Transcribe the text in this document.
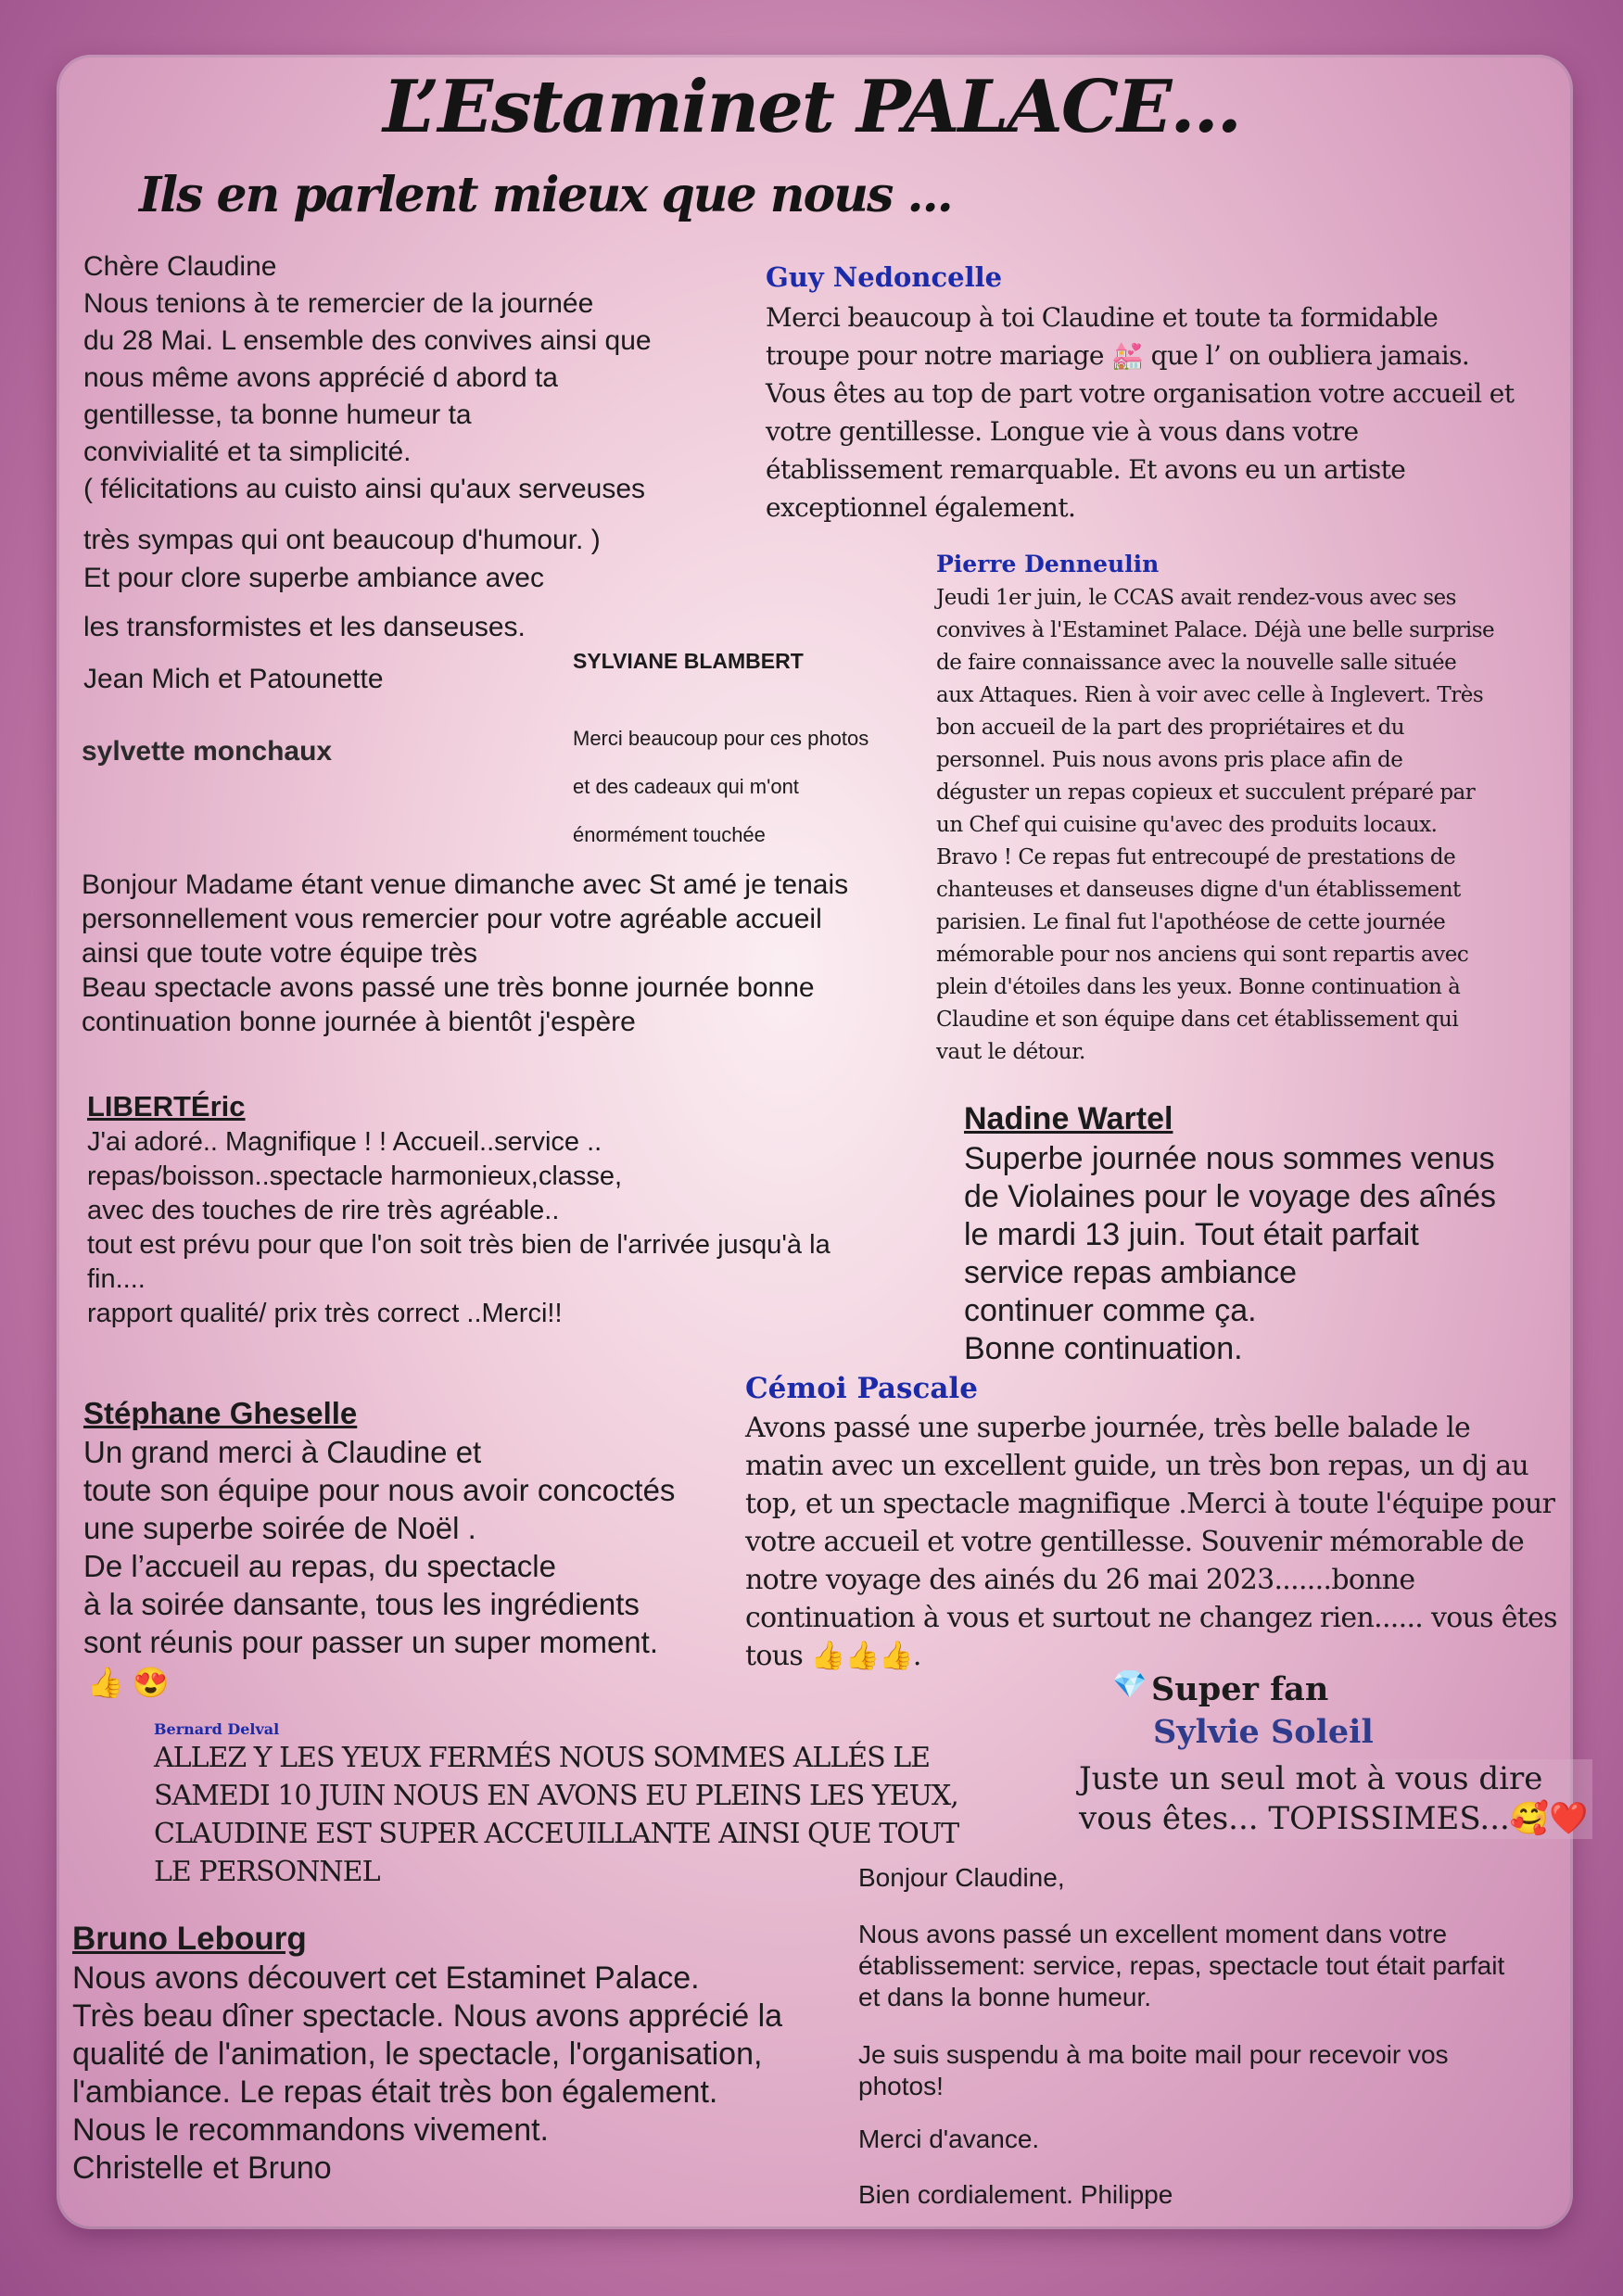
L’Estaminet PALACE...
Ils en parlent mieux que nous ...
Chère Claudine
Nous tenions à te remercier de la journée
du 28 Mai. L ensemble des convives ainsi que
nous même avons apprécié d abord ta
gentillesse, ta bonne humeur ta
convivialité et ta simplicité.
( félicitations au cuisto ainsi qu'aux serveuses
très sympas qui ont beaucoup d'humour. )
Et pour clore superbe ambiance avec
les transformistes et les danseuses.
Jean Mich et Patounette
sylvette monchaux
SYLVIANE BLAMBERT
Merci beaucoup pour ces photos
et des cadeaux qui m'ont
énormément touchée
Guy Nedoncelle
Merci beaucoup à toi Claudine et toute ta formidable
troupe pour notre mariage 💒 que l’ on oubliera jamais.
Vous êtes au top de part votre organisation votre accueil et
votre gentillesse. Longue vie à vous dans votre
établissement remarquable. Et avons eu un artiste
exceptionnel également.
Pierre Denneulin
Jeudi 1er juin, le CCAS avait rendez-vous avec ses
convives à l'Estaminet Palace. Déjà une belle surprise
de faire connaissance avec la nouvelle salle située
aux Attaques. Rien à voir avec celle à Inglevert. Très
bon accueil de la part des propriétaires et du
personnel. Puis nous avons pris place afin de
déguster un repas copieux et succulent préparé par
un Chef qui cuisine qu'avec des produits locaux.
Bravo ! Ce repas fut entrecoupé de prestations de
chanteuses et danseuses digne d'un établissement
parisien. Le final fut l'apothéose de cette journée
mémorable pour nos anciens qui sont repartis avec
plein d'étoiles dans les yeux. Bonne continuation à
Claudine et son équipe dans cet établissement qui
vaut le détour.
Bonjour Madame étant venue dimanche avec St amé je tenais
personnellement vous remercier pour votre agréable accueil
ainsi que toute votre équipe très
Beau spectacle avons passé une très bonne journée bonne
continuation bonne journée à bientôt j'espère
LIBERTÉric
J'ai adoré.. Magnifique ! ! Accueil..service ..
repas/boisson..spectacle harmonieux,classe,
avec des touches de rire très agréable..
tout est prévu pour que l'on soit très bien de l'arrivée jusqu'à la
fin....
rapport qualité/ prix très correct ..Merci!!
Nadine Wartel
Superbe journée nous sommes venus
de Violaines pour le voyage des aînés
le mardi 13 juin. Tout était parfait
service repas ambiance
continuer comme ça.
Bonne continuation.
Stéphane Gheselle
Un grand merci à Claudine et
toute son équipe pour nous avoir concoctés
une superbe soirée de Noël .
De l’accueil au repas, du spectacle
à la soirée dansante, tous les ingrédients
sont réunis pour passer un super moment.
👍 😍
Cémoi Pascale
Avons passé une superbe journée, très belle balade le
matin avec un excellent guide, un très bon repas, un dj au
top, et un spectacle magnifique .Merci à toute l'équipe pour
votre accueil et votre gentillesse. Souvenir mémorable de
notre voyage des ainés du 26 mai 2023.......bonne
continuation à vous et surtout ne changez rien...... vous êtes
tous 👍👍👍.
💎 Super fan
Sylvie Soleil
Juste un seul mot à vous dire
vous êtes... TOPISSIMES...🥰❤️
Bernard Delval
ALLEZ Y LES YEUX FERMÉS NOUS SOMMES ALLÉS LE
SAMEDI 10 JUIN NOUS EN AVONS EU PLEINS LES YEUX,
CLAUDINE EST SUPER ACCEUILLANTE AINSI QUE TOUT
LE PERSONNEL	Bonjour Claudine,
Nous avons passé un excellent moment dans votre
établissement: service, repas, spectacle tout était parfait
et dans la bonne humeur.
Je suis suspendu à ma boite mail pour recevoir vos
photos!
Merci d'avance.
Bien cordialement. Philippe
Bruno Lebourg
Nous avons découvert cet Estaminet Palace.
Très beau dîner spectacle. Nous avons apprécié la
qualité de l'animation, le spectacle, l'organisation,
l'ambiance. Le repas était très bon également.
Nous le recommandons vivement.
Christelle et Bruno
